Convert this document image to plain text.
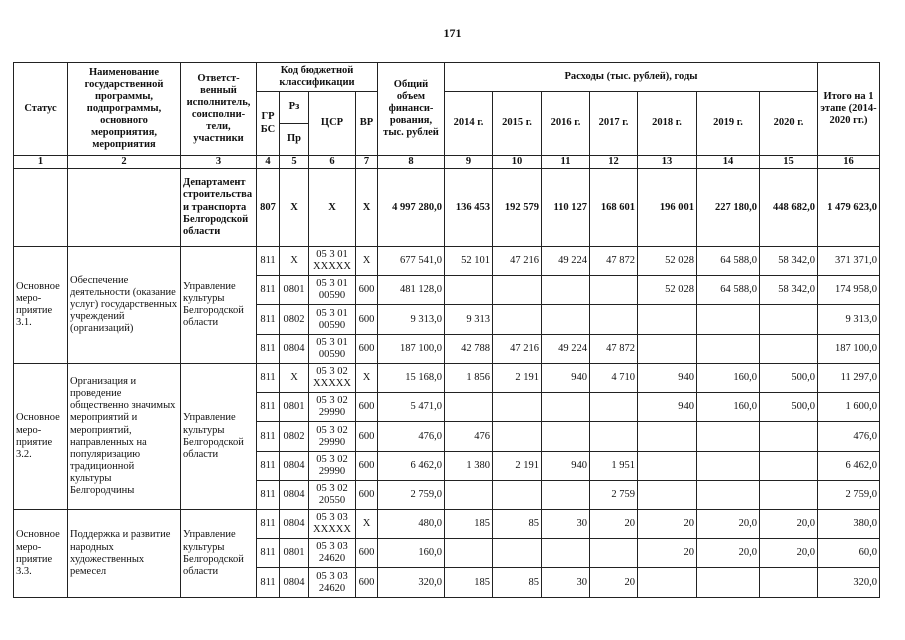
171
Статус	Наименование государственной программы, подпрограммы, основного мероприятия, мероприятия	Ответст-венный исполнитель, соисполни-тели, участники	Код бюджетной классификации				Общий объем финанси-рования, тыс. рублей	Расходы (тыс. рублей), годы							Итого на 1 этапе (2014-2020 гг.)
			ГР БС	Рз	ЦСР	ВР		2014 г.	2015 г.	2016 г.	2017 г.	2018 г.	2019 г.	2020 г.	
				Пр											
1	2	3	4	5	6	7	8	9	10	11	12	13	14	15	16
		Департамент строительства и транспорта Белгородской области	807	Х	Х	Х	4 997 280,0	136 453	192 579	110 127	168 601	196 001	227 180,0	448 682,0	1 479 623,0
Основное меро-приятие 3.1.	Обеспечение деятельности (оказание услуг) государственных учреждений (организаций)	Управление культуры Белгородской области	811	Х	05 3 01 ХХХХХ	Х	677 541,0	52 101	47 216	49 224	47 872	52 028	64 588,0	58 342,0	371 371,0
			811	0801	05 3 01 00590	600	481 128,0					52 028	64 588,0	58 342,0	174 958,0
			811	0802	05 3 01 00590	600	9 313,0	9 313							9 313,0
			811	0804	05 3 01 00590	600	187 100,0	42 788	47 216	49 224	47 872				187 100,0
Основное меро-приятие 3.2.	Организация и проведение общественно значимых мероприятий и мероприятий, направленных на популяризацию традиционной культуры Белгородчины	Управление культуры Белгородской области	811	Х	05 3 02 ХХХХХ	Х	15 168,0	1 856	2 191	940	4 710	940	160,0	500,0	11 297,0
			811	0801	05 3 02 29990	600	5 471,0					940	160,0	500,0	1 600,0
			811	0802	05 3 02 29990	600	476,0	476							476,0
			811	0804	05 3 02 29990	600	6 462,0	1 380	2 191	940	1 951				6 462,0
			811	0804	05 3 02 20550	600	2 759,0				2 759				2 759,0
Основное меро-приятие 3.3.	Поддержка и развитие народных художественных ремесел	Управление культуры Белгородской области	811	0804	05 3 03 ХХХХХ	Х	480,0	185	85	30	20	20	20,0	20,0	380,0
			811	0801	05 3 03 24620	600	160,0					20	20,0	20,0	60,0
			811	0804	05 3 03 24620	600	320,0	185	85	30	20				320,0
